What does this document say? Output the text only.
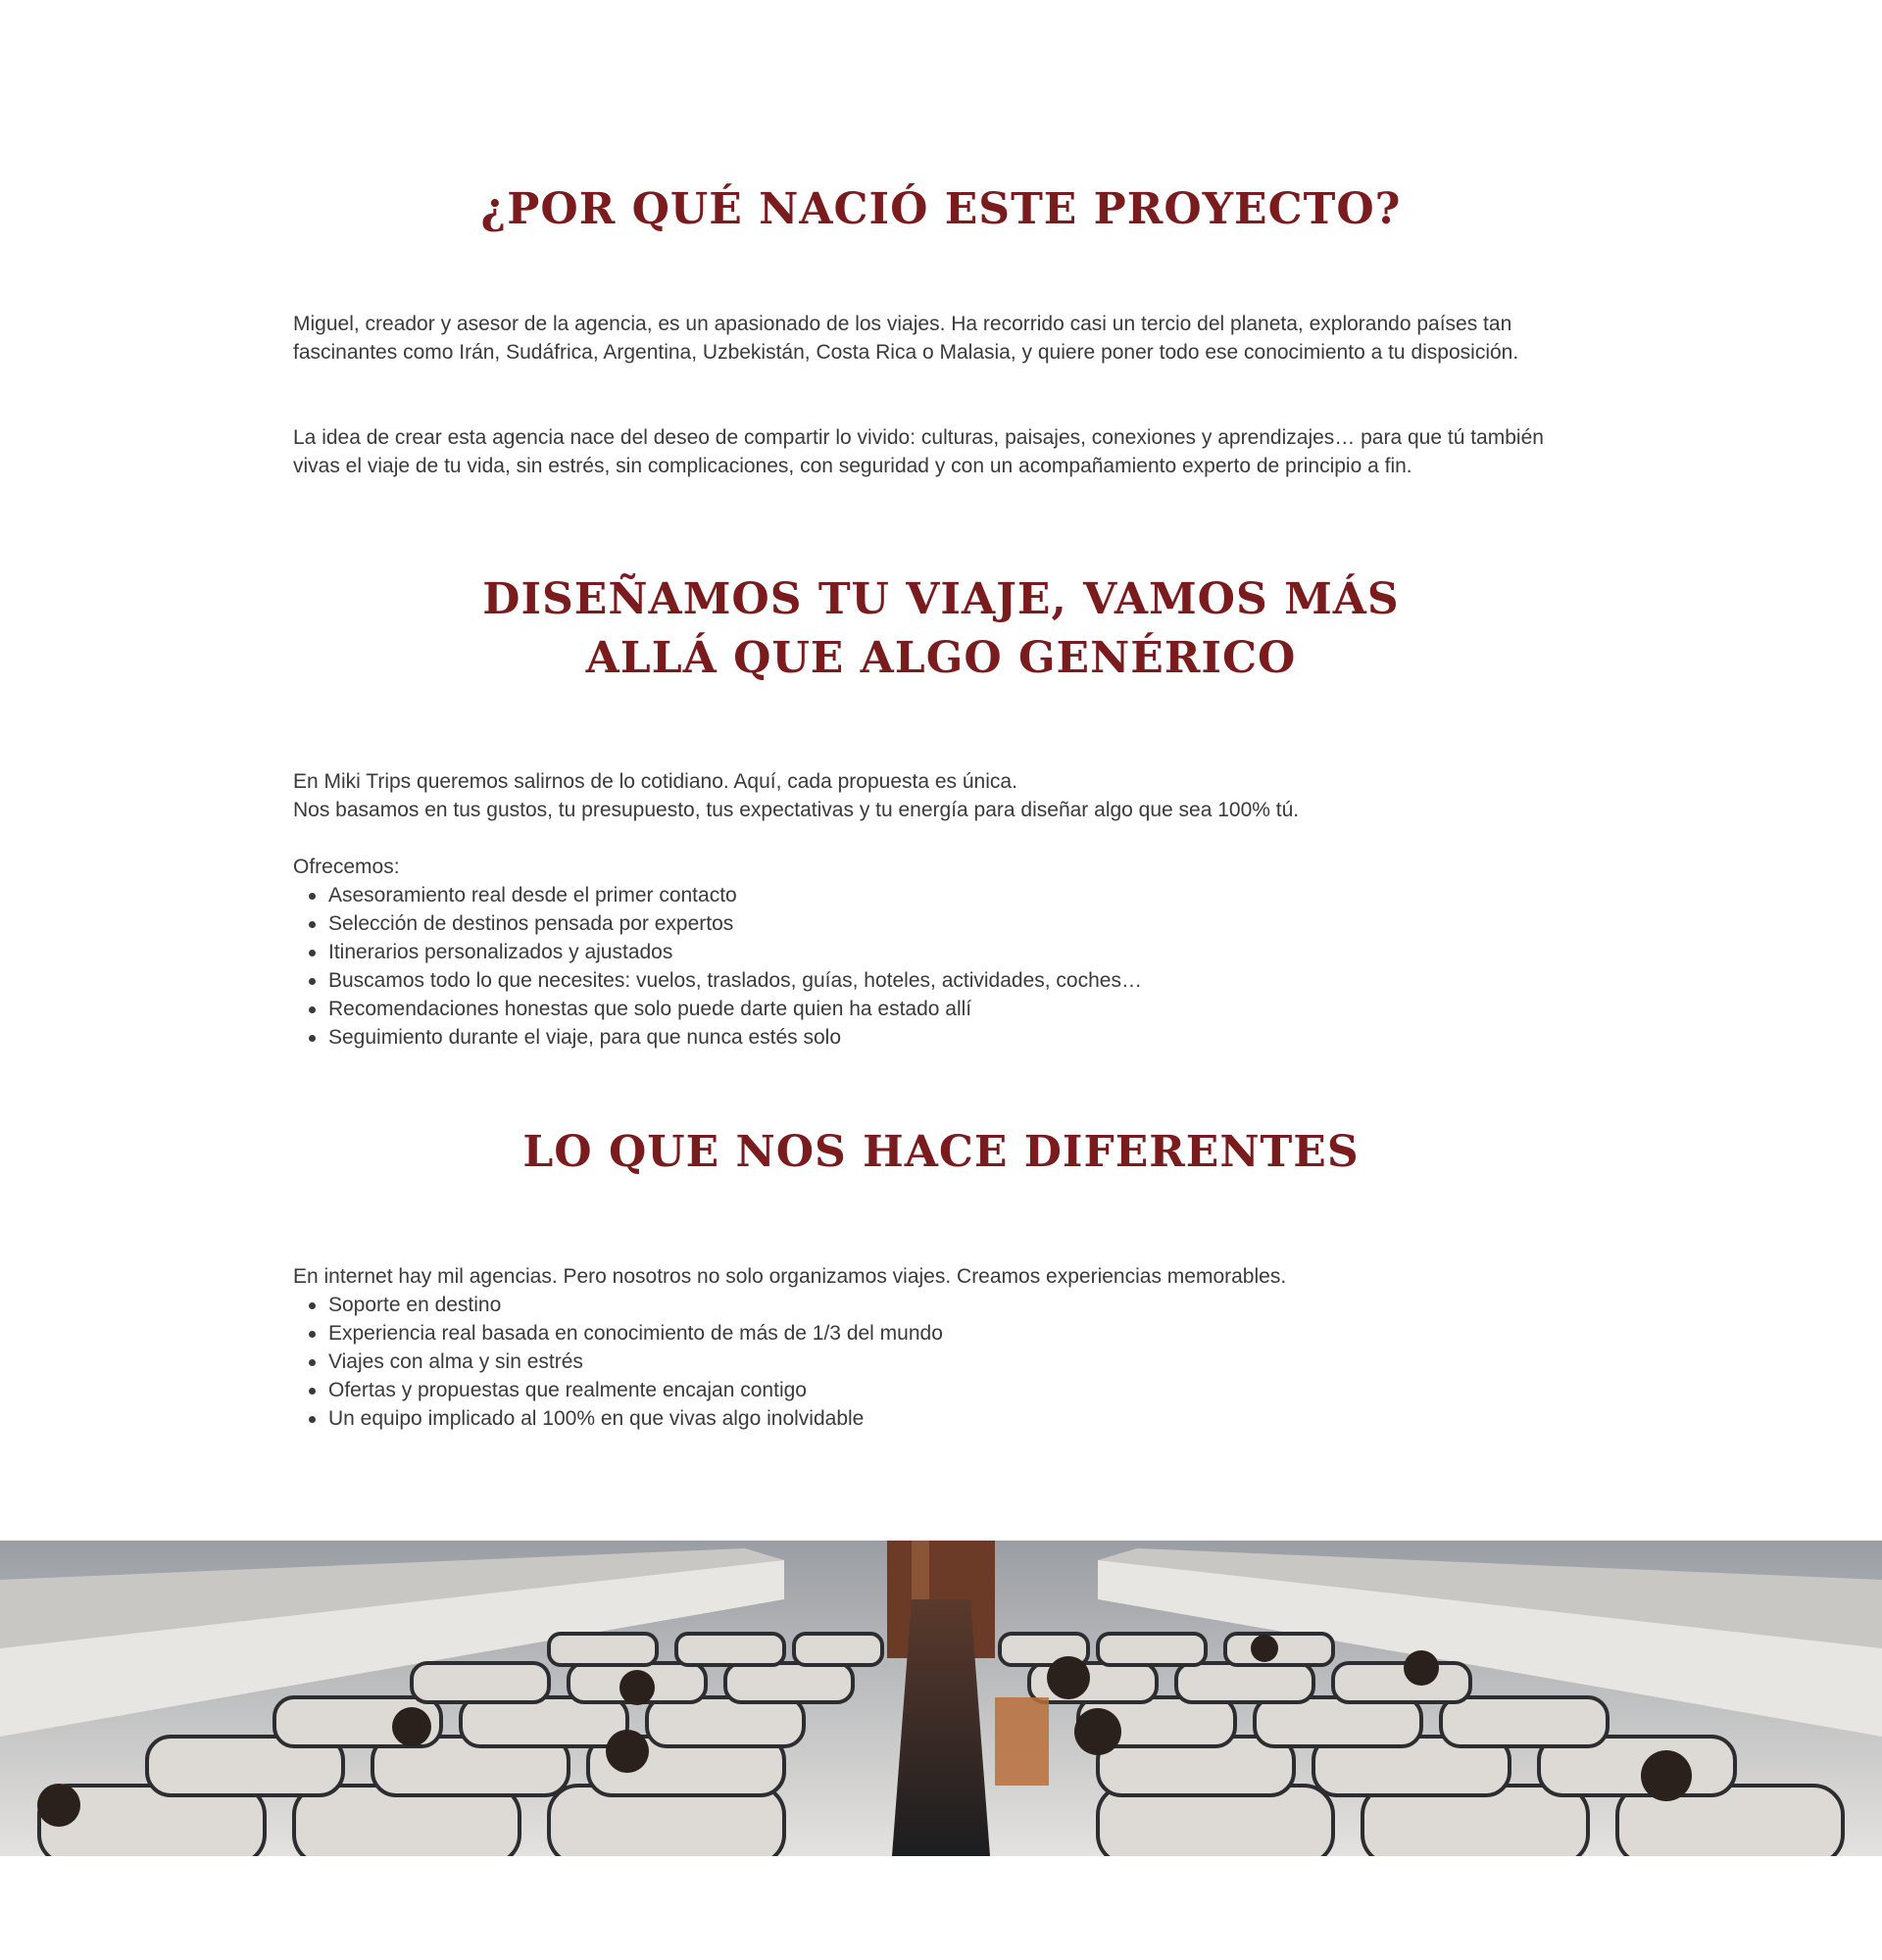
¿POR QUÉ NACIÓ ESTE PROYECTO?

Miguel, creador y asesor de la agencia, es un apasionado de los viajes. Ha recorrido casi un tercio del planeta, explorando países tan fascinantes como Irán, Sudáfrica, Argentina, Uzbekistán, Costa Rica o Malasia, y quiere poner todo ese conocimiento a tu disposición.

La idea de crear esta agencia nace del deseo de compartir lo vivido: culturas, paisajes, conexiones y aprendizajes… para que tú también vivas el viaje de tu vida, sin estrés, sin complicaciones, con seguridad y con un acompañamiento experto de principio a fin.

DISEÑAMOS TU VIAJE, VAMOS MÁS
ALLÁ QUE ALGO GENÉRICO

En Miki Trips queremos salirnos de lo cotidiano. Aquí, cada propuesta es única.

Nos basamos en tus gustos, tu presupuesto, tus expectativas y tu energía para diseñar algo que sea 100% tú.

Ofrecemos:

Asesoramiento real desde el primer contacto
Selección de destinos pensada por expertos
Itinerarios personalizados y ajustados
Buscamos todo lo que necesites: vuelos, traslados, guías, hoteles, actividades, coches…
Recomendaciones honestas que solo puede darte quien ha estado allí
Seguimiento durante el viaje, para que nunca estés solo
LO QUE NOS HACE DIFERENTES

En internet hay mil agencias. Pero nosotros no solo organizamos viajes. Creamos experiencias memorables.

Soporte en destino
Experiencia real basada en conocimiento de más de 1/3 del mundo
Viajes con alma y sin estrés
Ofertas y propuestas que realmente encajan contigo
Un equipo implicado al 100% en que vivas algo inolvidable
